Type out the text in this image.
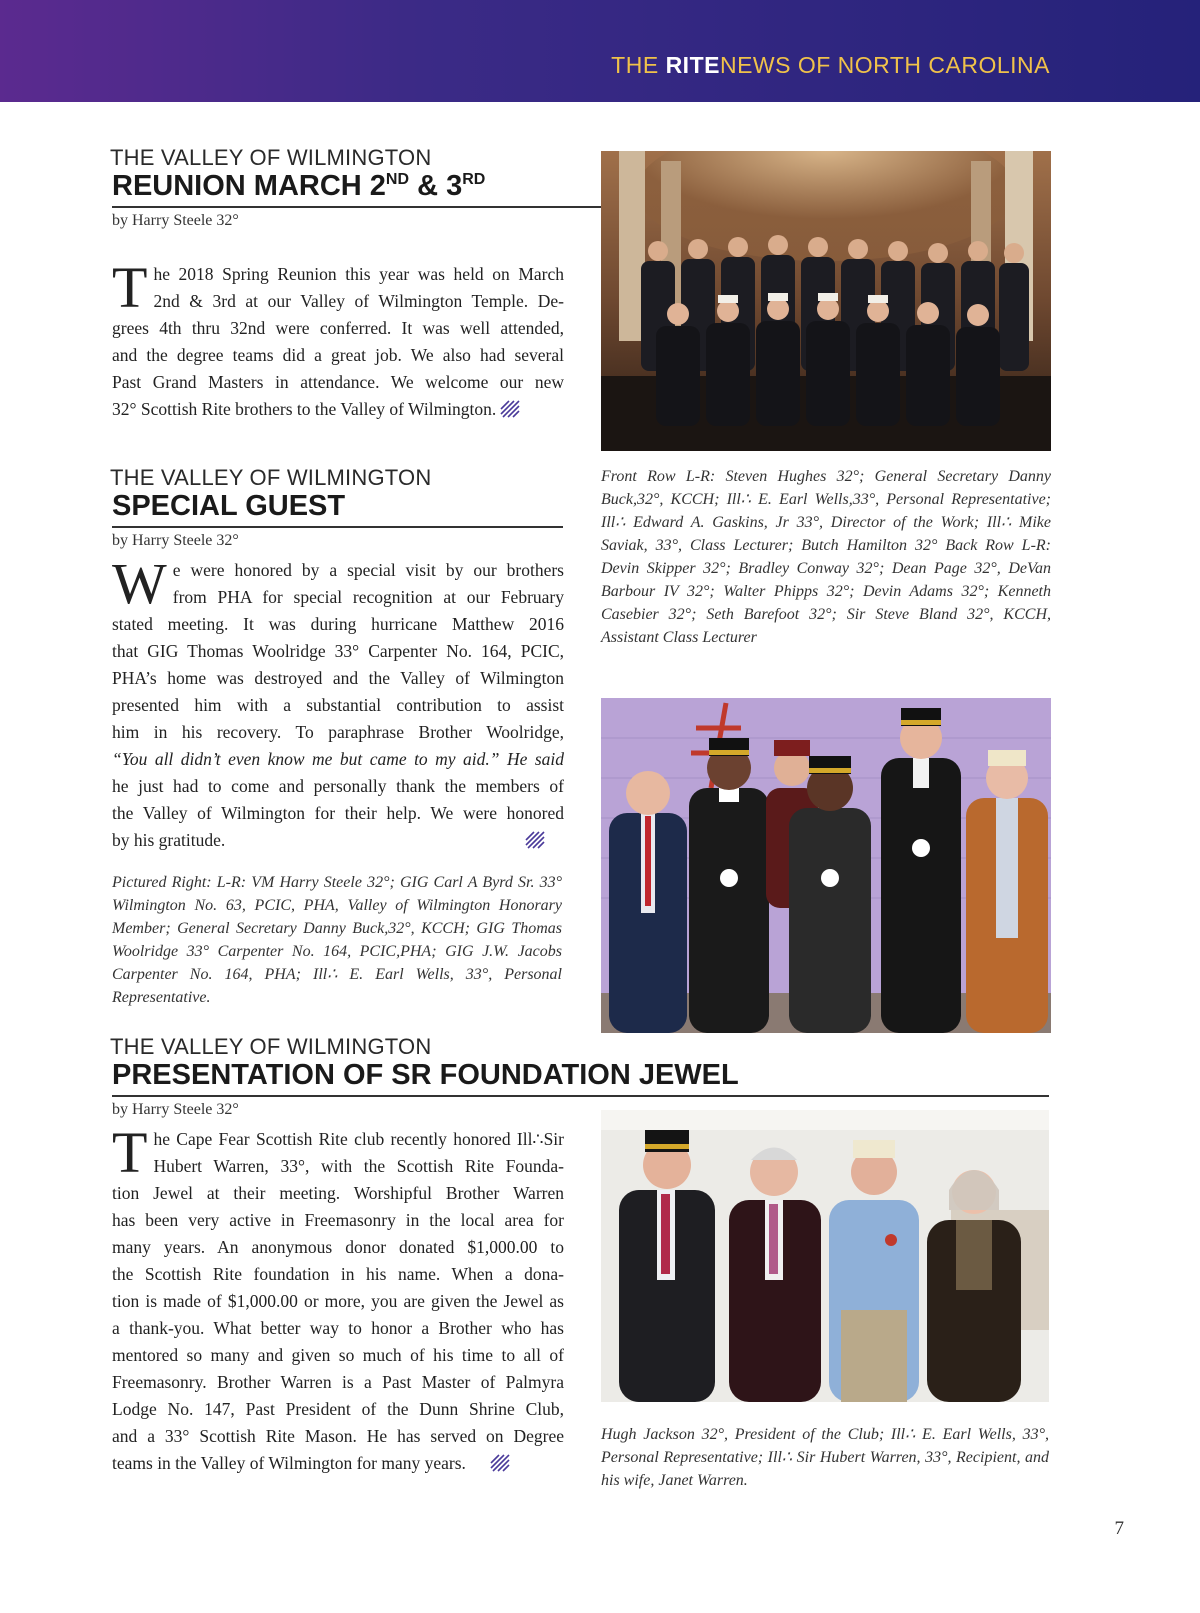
THE RITENEWS OF NORTH CAROLINA
THE VALLEY OF WILMINGTON
REUNION MARCH 2ND & 3RD
by Harry Steele 32°
T he 2018 Spring Reunion this year was held on March
2nd & 3rd at our Valley of Wilmington Temple. De-
grees 4th thru 32nd were conferred. It was well attended,
and the degree teams did a great job. We also had several
Past Grand Masters in attendance. We welcome our new
32° Scottish Rite brothers to the Valley of Wilmington.
Front Row L-R: Steven Hughes 32°; General Secretary Danny Buck,32°, KCCH; Ill∴ E. Earl Wells,33°, Personal Representative; Ill∴ Edward A. Gaskins, Jr 33°, Director of the Work; Ill∴ Mike Saviak, 33°, Class Lecturer; Butch Hamilton 32° Back Row L-R: Devin Skipper 32°; Bradley Conway 32°; Dean Page 32°, DeVan Barbour IV 32°; Walter Phipps 32°; Devin Adams 32°; Kenneth Casebier 32°; Seth Barefoot 32°; Sir Steve Bland 32°, KCCH, Assistant Class Lecturer
THE VALLEY OF WILMINGTON
SPECIAL GUEST
by Harry Steele 32°
W e were honored by a special visit by our brothers
from PHA for special recognition at our February
stated meeting. It was during hurricane Matthew 2016
that GIG Thomas Woolridge 33° Carpenter No. 164, PCIC,
PHA’s home was destroyed and the Valley of Wilmington
presented him with a substantial contribution to assist
him in his recovery. To paraphrase Brother Woolridge,
“You all didn’t even know me but came to my aid.” He said
he just had to come and personally thank the members of
the Valley of Wilmington for their help. We were honored
by his gratitude.
Pictured Right: L-R: VM Harry Steele 32°; GIG Carl A Byrd Sr. 33° Wilmington No. 63, PCIC, PHA, Valley of Wilmington Honorary Member; General Secretary Danny Buck,32°, KCCH; GIG Thomas Woolridge 33° Carpenter No. 164, PCIC,PHA; GIG J.W. Jacobs Carpenter No. 164, PHA; Ill∴ E. Earl Wells, 33°, Personal Representative.
THE VALLEY OF WILMINGTON
PRESENTATION OF SR FOUNDATION JEWEL
by Harry Steele 32°
T he Cape Fear Scottish Rite club recently honored Ill∴Sir
Hubert Warren, 33°, with the Scottish Rite Founda-
tion Jewel at their meeting. Worshipful Brother Warren
has been very active in Freemasonry in the local area for
many years. An anonymous donor donated $1,000.00 to
the Scottish Rite foundation in his name. When a dona-
tion is made of $1,000.00 or more, you are given the Jewel as
a thank-you. What better way to honor a Brother who has
mentored so many and given so much of his time to all of
Freemasonry. Brother Warren is a Past Master of Palmyra
Lodge No. 147, Past President of the Dunn Shrine Club,
and a 33° Scottish Rite Mason. He has served on Degree
teams in the Valley of Wilmington for many years.
Hugh Jackson 32°, President of the Club; Ill∴ E. Earl Wells, 33°, Personal Representative; Ill∴ Sir Hubert Warren, 33°, Recipient, and his wife, Janet Warren.
7
